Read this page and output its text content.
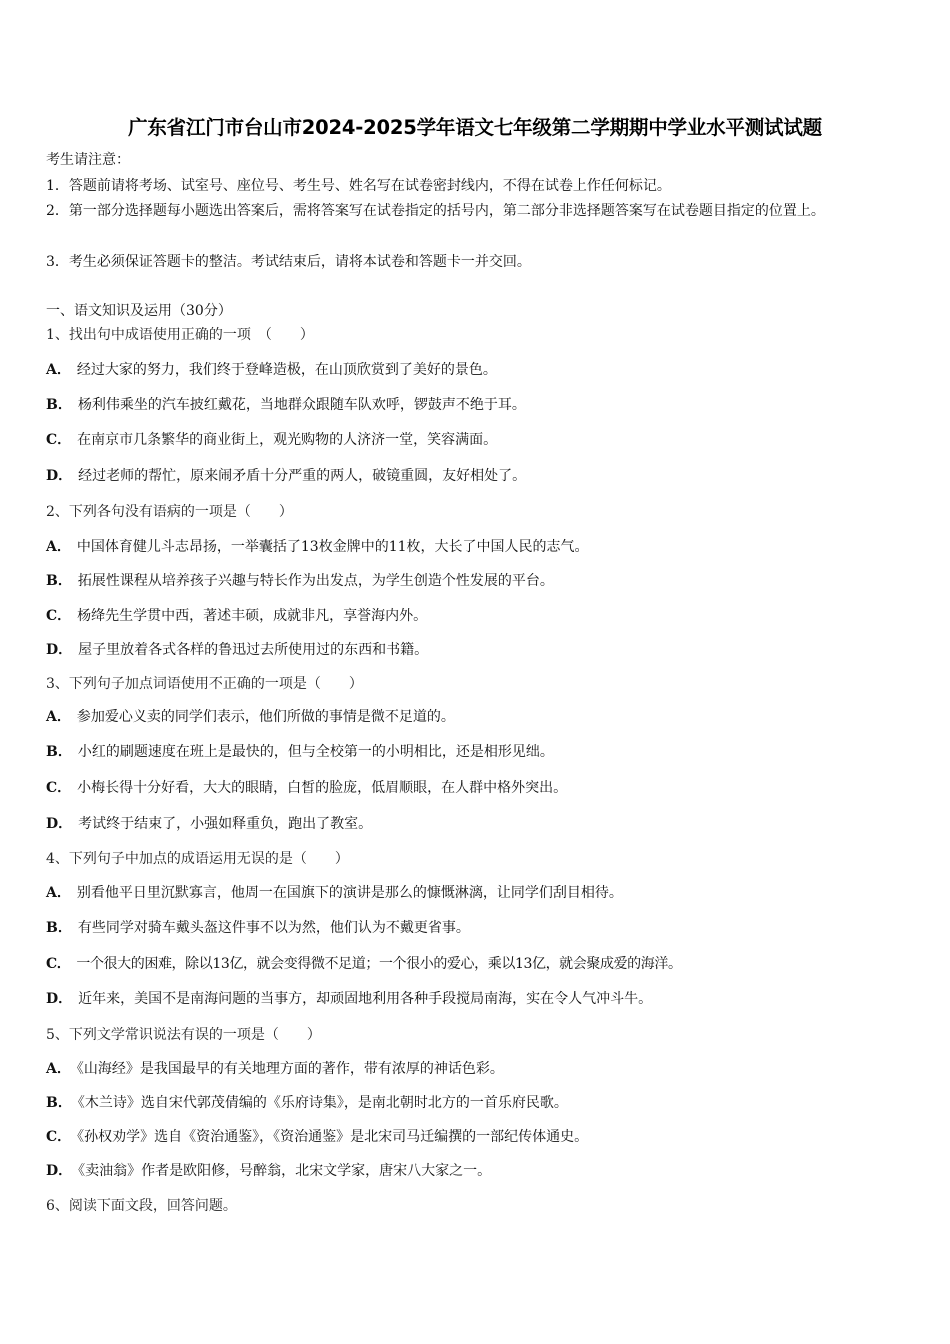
广东省江门市台山市2024-2025学年语文七年级第二学期期中学业水平测试试题
考生请注意：
1．答题前请将考场、试室号、座位号、考生号、姓名写在试卷密封线内，不得在试卷上作任何标记。
2．第一部分选择题每小题选出答案后，需将答案写在试卷指定的括号内，第二部分非选择题答案写在试卷题目指定的位置上。
3．考生必须保证答题卡的整洁。考试结束后，请将本试卷和答题卡一并交回。
一、语文知识及运用（30分）
1、找出句中成语使用正确的一项　（　　）
A． 经过大家的努力，我们终于登峰造极，在山顶欣赏到了美好的景色。
B． 杨利伟乘坐的汽车披红戴花，当地群众跟随车队欢呼，锣鼓声不绝于耳。
C． 在南京市几条繁华的商业街上，观光购物的人济济一堂，笑容满面。
D． 经过老师的帮忙，原来闹矛盾十分严重的两人，破镜重圆，友好相处了。
2、下列各句没有语病的一项是（　　）
A． 中国体育健儿斗志昂扬，一举囊括了13枚金牌中的11枚，大长了中国人民的志气。
B． 拓展性课程从培养孩子兴趣与特长作为出发点，为学生创造个性发展的平台。
C． 杨绛先生学贯中西，著述丰硕，成就非凡，享誉海内外。
D． 屋子里放着各式各样的鲁迅过去所使用过的东西和书籍。
3、下列句子加点词语使用不正确的一项是（　　）
A． 参加爱心义卖的同学们表示，他们所做的事情是微不足道的。
B． 小红的刷题速度在班上是最快的，但与全校第一的小明相比，还是相形见绌。
C． 小梅长得十分好看，大大的眼睛，白皙的脸庞，低眉顺眼，在人群中格外突出。
D． 考试终于结束了，小强如释重负，跑出了教室。
4、下列句子中加点的成语运用无误的是（　　）
A． 别看他平日里沉默寡言，他周一在国旗下的演讲是那么的慷慨淋漓，让同学们刮目相待。
B． 有些同学对骑车戴头盔这件事不以为然，他们认为不戴更省事。
C． 一个很大的困难，除以13亿，就会变得微不足道；一个很小的爱心，乘以13亿，就会聚成爱的海洋。
D． 近年来，美国不是南海问题的当事方，却顽固地利用各种手段搅局南海，实在令人气冲斗牛。
5、下列文学常识说法有误的一项是（　　）
A． 《山海经》是我国最早的有关地理方面的著作，带有浓厚的神话色彩。
B． 《木兰诗》选自宋代郭茂倩编的《乐府诗集》，是南北朝时北方的一首乐府民歌。
C． 《孙权劝学》选自《资治通鉴》，《资治通鉴》是北宋司马迁编撰的一部纪传体通史。
D． 《卖油翁》作者是欧阳修，号醉翁，北宋文学家，唐宋八大家之一。
6、阅读下面文段，回答问题。
